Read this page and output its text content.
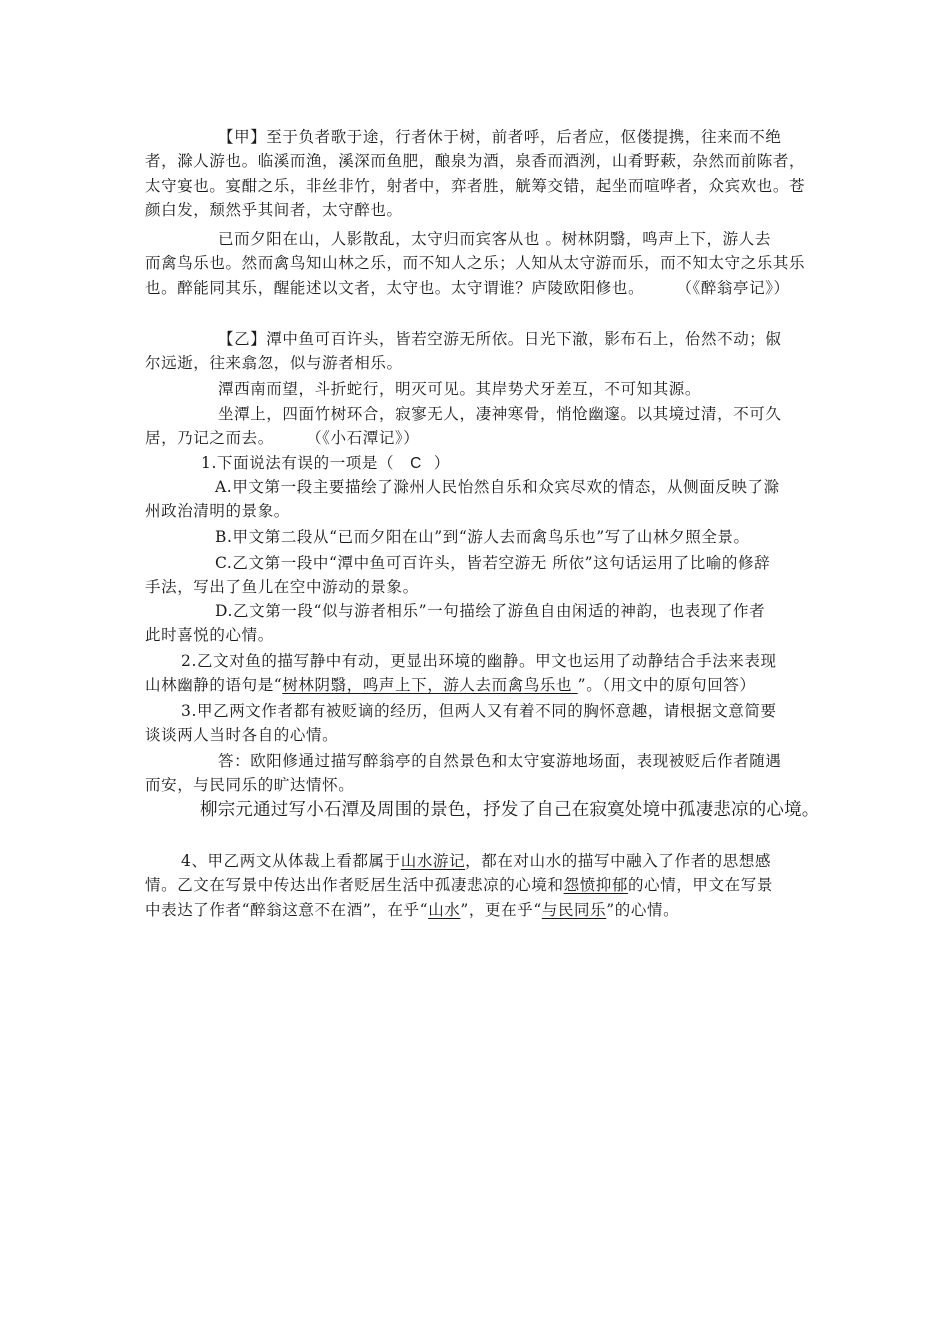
【甲】至于负者歌于途，行者休于树，前者呼，后者应，伛偻提携，往来而不绝
者，滁人游也。临溪而渔，溪深而鱼肥，酿泉为酒，泉香而酒洌，山肴野蔌，杂然而前陈者，太守宴也。宴酣之乐，非丝非竹，射者中，弈者胜，觥筹交错，起坐而喧哗者，众宾欢也。苍颜白发，颓然乎其间者，太守醉也。
已而夕阳在山，人影散乱，太守归而宾客从也 。树林阴翳，鸣声上下，游人去
而禽鸟乐也。然而禽鸟知山林之乐，而不知人之乐；人知从太守游而乐，而不知太守之乐其乐也。醉能同其乐，醒能述以文者，太守也。太守谓谁？庐陵欧阳修也。	（《醉翁亭记》）
【乙】潭中鱼可百许头，皆若空游无所依。日光下澈，影布石上，佁然不动；俶
尔远逝，往来翕忽，似与游者相乐。
潭西南而望，斗折蛇行，明灭可见。其岸势犬牙差互，不可知其源。
坐潭上，四面竹树环合，寂寥无人，凄神寒骨，悄怆幽邃。以其境过清，不可久
居，乃记之而去。	（《小石潭记》）
1.下面说法有误的一项是（ C ）
A.甲文第一段主要描绘了滁州人民怡然自乐和众宾尽欢的情态，从侧面反映了滁
州政治清明的景象。
B.甲文第二段从“已而夕阳在山”到“游人去而禽鸟乐也”写了山林夕照全景。
C.乙文第一段中“潭中鱼可百许头，皆若空游无 所依”这句话运用了比喻的修辞
手法，写出了鱼儿在空中游动的景象。
D.乙文第一段“似与游者相乐”一句描绘了游鱼自由闲适的神韵，也表现了作者
此时喜悦的心情。
2.乙文对鱼的描写静中有动，更显出环境的幽静。甲文也运用了动静结合手法来表现
山林幽静的语句是“树林阴翳，鸣声上下，游人去而禽鸟乐也 ”。（用文中的原句回答）
3.甲乙两文作者都有被贬谪的经历，但两人又有着不同的胸怀意趣，请根据文意简要
谈谈两人当时各自的心情。
答：欧阳修通过描写醉翁亭的自然景色和太守宴游地场面，表现被贬后作者随遇
而安，与民同乐的旷达情怀。
柳宗元通过写小石潭及周围的景色，抒发了自己在寂寞处境中孤凄悲凉的心境。
4、甲乙两文从体裁上看都属于山水游记，都在对山水的描写中融入了作者的思想感
情。乙文在写景中传达出作者贬居生活中孤凄悲凉的心境和怨愤抑郁的心情，甲文在写景
中表达了作者“醉翁这意不在酒”，在乎“山水”，更在乎“与民同乐”的心情。
